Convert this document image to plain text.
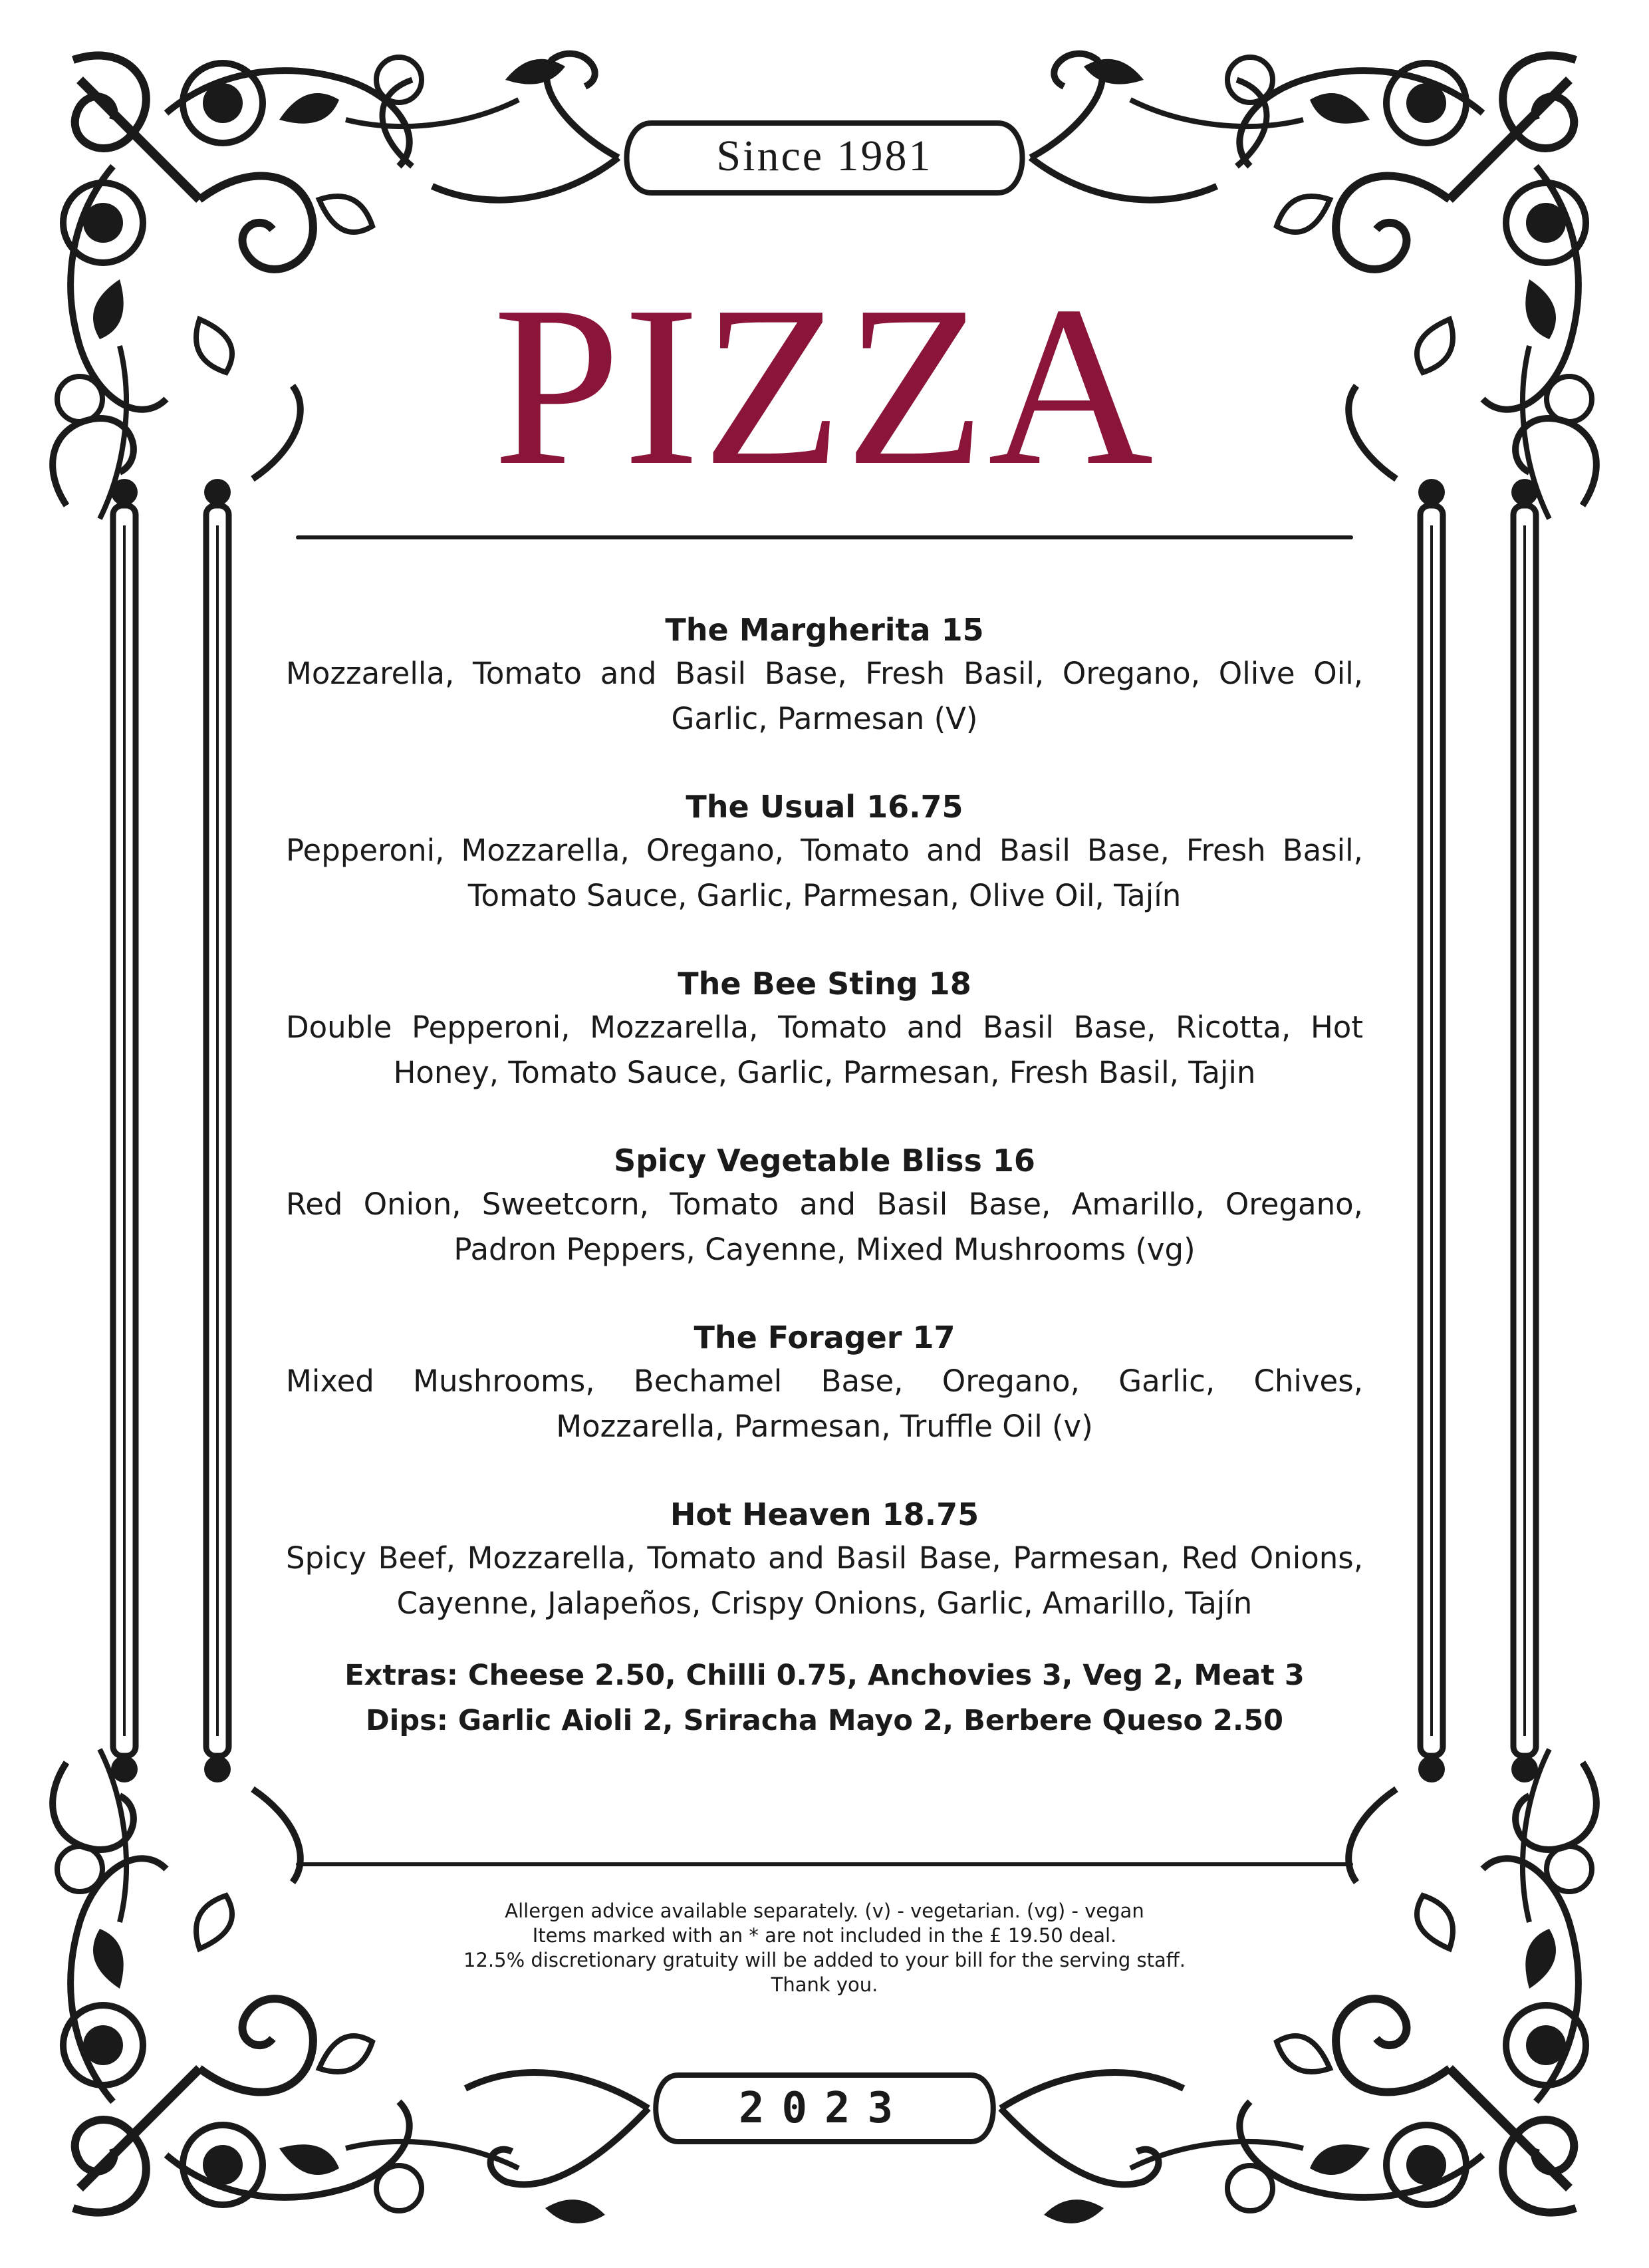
Since 1981
PIZZA
The Margherita 15
Mozzarella, Tomato and Basil Base, Fresh Basil, Oregano, Olive Oil, Garlic, Parmesan (V)
The Usual 16.75
Pepperoni, Mozzarella, Oregano, Tomato and Basil Base, Fresh Basil, Tomato Sauce, Garlic, Parmesan, Olive Oil, Tajín
The Bee Sting 18
Double Pepperoni, Mozzarella, Tomato and Basil Base, Ricotta, Hot Honey, Tomato Sauce, Garlic, Parmesan, Fresh Basil, Tajin
Spicy Vegetable Bliss 16
Red Onion, Sweetcorn, Tomato and Basil Base, Amarillo, Oregano, Padron Peppers, Cayenne, Mixed Mushrooms (vg)
The Forager 17
Mixed Mushrooms, Bechamel Base, Oregano, Garlic, Chives, Mozzarella, Parmesan, Truffle Oil (v)
Hot Heaven 18.75
Spicy Beef, Mozzarella, Tomato and Basil Base, Parmesan, Red Onions, Cayenne, Jalapeños, Crispy Onions, Garlic, Amarillo, Tajín
Extras: Cheese 2.50, Chilli 0.75, Anchovies 3, Veg 2, Meat 3
Dips: Garlic Aioli 2, Sriracha Mayo 2, Berbere Queso 2.50
Allergen advice available separately. (v) - vegetarian. (vg) - vegan
Items marked with an * are not included in the £ 19.50 deal.
12.5% discretionary gratuity will be added to your bill for the serving staff.
Thank you.
2023
